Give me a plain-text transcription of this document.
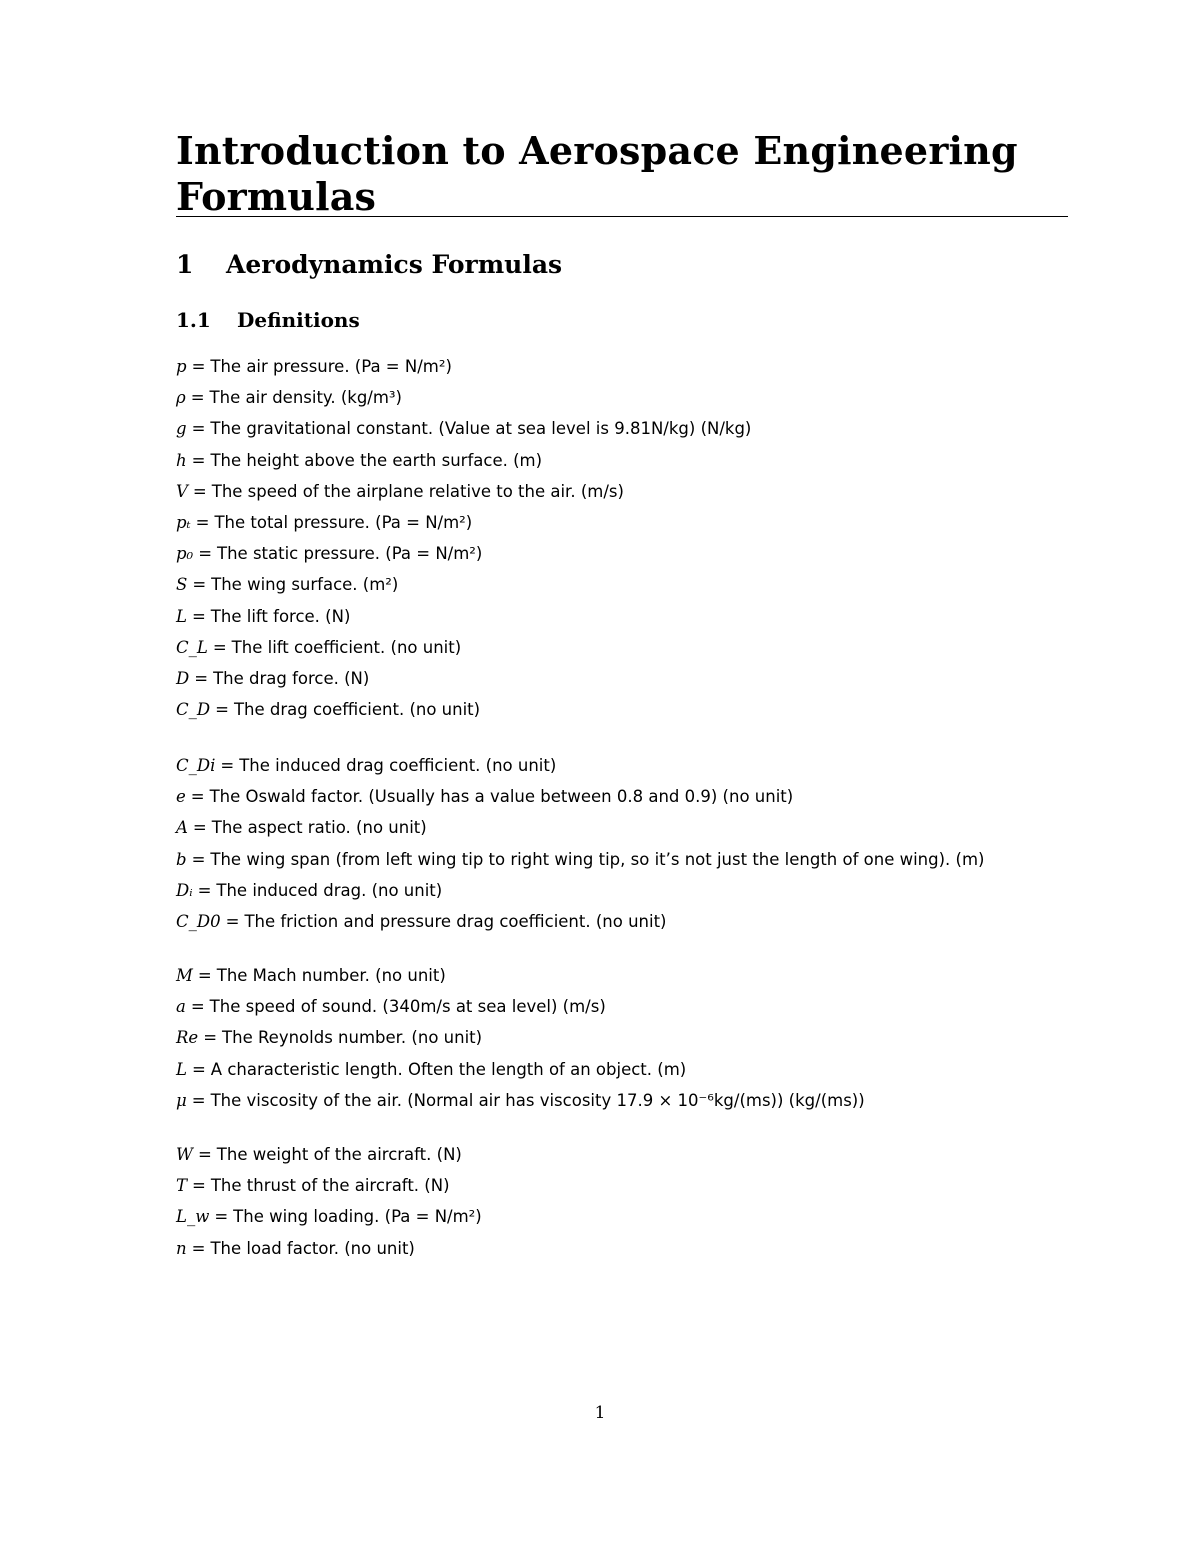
Introduction to Aerospace Engineering Formulas
1 Aerodynamics Formulas
1.1 Definitions
p = The air pressure. (Pa = N/m²)
ρ = The air density. (kg/m³)
g = The gravitational constant. (Value at sea level is 9.81N/kg) (N/kg)
h = The height above the earth surface. (m)
V = The speed of the airplane relative to the air. (m/s)
pₜ = The total pressure. (Pa = N/m²)
p₀ = The static pressure. (Pa = N/m²)
S = The wing surface. (m²)
L = The lift force. (N)
C_L = The lift coefficient. (no unit)
D = The drag force. (N)
C_D = The drag coefficient. (no unit)
C_Di = The induced drag coefficient. (no unit)
e = The Oswald factor. (Usually has a value between 0.8 and 0.9) (no unit)
A = The aspect ratio. (no unit)
b = The wing span (from left wing tip to right wing tip, so it’s not just the length of one wing). (m)
Dᵢ = The induced drag. (no unit)
C_D0 = The friction and pressure drag coefficient. (no unit)
M = The Mach number. (no unit)
a = The speed of sound. (340m/s at sea level) (m/s)
Re = The Reynolds number. (no unit)
L = A characteristic length. Often the length of an object. (m)
μ = The viscosity of the air. (Normal air has viscosity 17.9 × 10⁻⁶kg/(ms)) (kg/(ms))
W = The weight of the aircraft. (N)
T = The thrust of the aircraft. (N)
L_w = The wing loading. (Pa = N/m²)
n = The load factor. (no unit)
1
